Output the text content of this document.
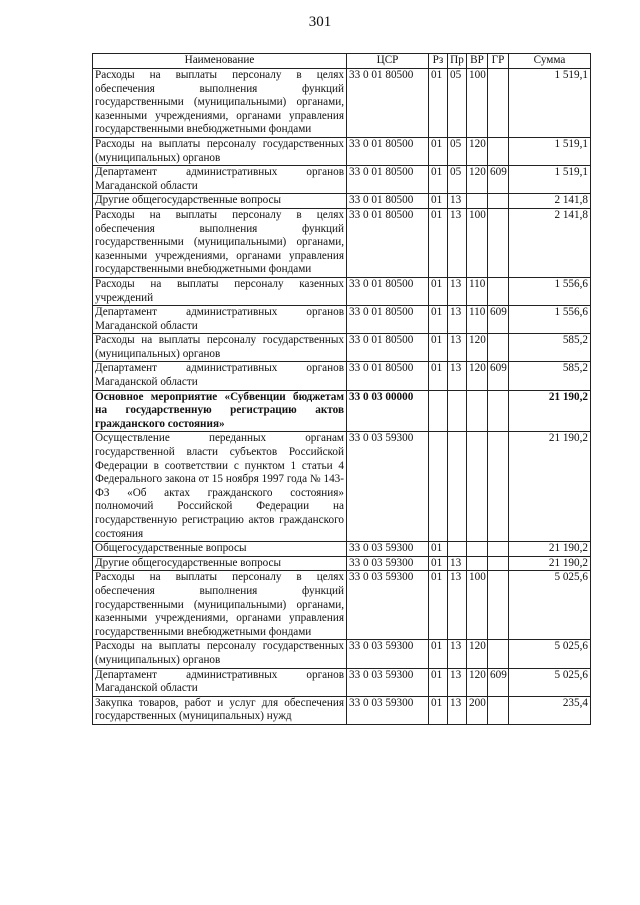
301
Наименование	ЦСР	Рз	Пр	ВР	ГР	Сумма
Расходы на выплаты персоналу в целях обеспечения выполнения функций государственными (муниципальными) органами, казенными учреждениями, органами управления государственными внебюджетными фондами	33 0 01 80500	01	05	100		1 519,1
Расходы на выплаты персоналу государственных (муниципальных) органов	33 0 01 80500	01	05	120		1 519,1
Департамент административных органов Магаданской области	33 0 01 80500	01	05	120	609	1 519,1
Другие общегосударственные вопросы	33 0 01 80500	01	13			2 141,8
Расходы на выплаты персоналу в целях обеспечения выполнения функций государственными (муниципальными) органами, казенными учреждениями, органами управления государственными внебюджетными фондами	33 0 01 80500	01	13	100		2 141,8
Расходы на выплаты персоналу казенных учреждений	33 0 01 80500	01	13	110		1 556,6
Департамент административных органов Магаданской области	33 0 01 80500	01	13	110	609	1 556,6
Расходы на выплаты персоналу государственных (муниципальных) органов	33 0 01 80500	01	13	120		585,2
Департамент административных органов Магаданской области	33 0 01 80500	01	13	120	609	585,2
Основное мероприятие «Субвенции бюджетам на государственную регистрацию актов гражданского состояния»	33 0 03 00000					21 190,2
Осуществление переданных органам государственной власти субъектов Российской Федерации в соответствии с пунктом 1 статьи 4 Федерального закона от 15 ноября 1997 года № 143-ФЗ «Об актах гражданского состояния» полномочий Российской Федерации на государственную регистрацию актов гражданского состояния	33 0 03 59300					21 190,2
Общегосударственные вопросы	33 0 03 59300	01				21 190,2
Другие общегосударственные вопросы	33 0 03 59300	01	13			21 190,2
Расходы на выплаты персоналу в целях обеспечения выполнения функций государственными (муниципальными) органами, казенными учреждениями, органами управления государственными внебюджетными фондами	33 0 03 59300	01	13	100		5 025,6
Расходы на выплаты персоналу государственных (муниципальных) органов	33 0 03 59300	01	13	120		5 025,6
Департамент административных органов Магаданской области	33 0 03 59300	01	13	120	609	5 025,6
Закупка товаров, работ и услуг для обеспечения государственных (муниципальных) нужд	33 0 03 59300	01	13	200		235,4
